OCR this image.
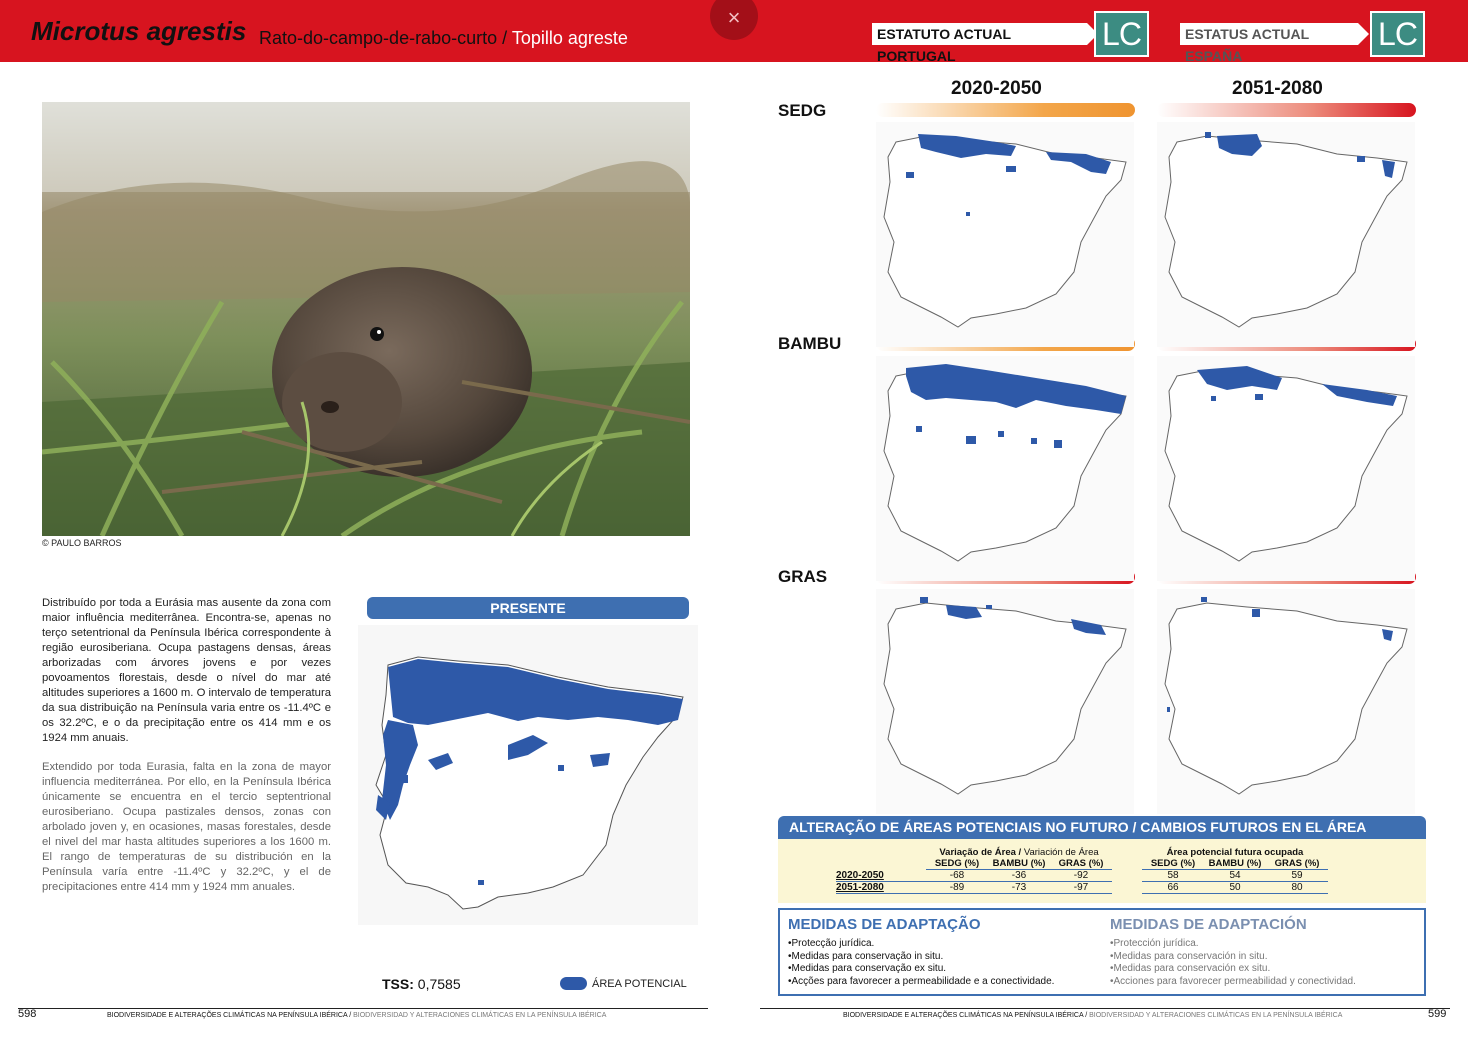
Microtus agrestis Rato-do-campo-de-rabo-curto / Topillo agreste
×
ESTATUTO ACTUAL PORTUGAL
LC	ESTATUS ACTUAL ESPAÑA
LC
© PAULO BARROS
Distribuído por toda a Eurásia mas ausente da zona com maior influência mediterrânea. Encontra-se, apenas no terço setentrional da Península Ibérica correspondente à região eurosiberiana. Ocupa pastagens densas, áreas arborizadas com árvores jovens e por vezes povoamentos florestais, desde o nível do mar até altitudes superiores a 1600 m. O intervalo de temperatura da sua distribuição na Península varia entre os -11.4ºC e os 32.2ºC, e o da precipitação entre os 414 mm e os 1924 mm anuais.
Extendido por toda Eurasia, falta en la zona de mayor influencia mediterránea. Por ello, en la Península Ibérica únicamente se encuentra en el tercio septentrional eurosiberiano. Ocupa pastizales densos, zonas con arbolado joven y, en ocasiones, masas forestales, desde el nivel del mar hasta altitudes superiores a los 1600 m. El rango de temperaturas de su distribución en la Península varía entre -11.4ºC y 32.2ºC, y el de precipitaciones entre 414 mm y 1924 mm anuales.
PRESENTE
TSS: 0,7585	ÁREA POTENCIAL
2020-2050	2051-2080
SEDG
BAMBU
GRAS
ALTERAÇÃO DE ÁREAS POTENCIAIS NO FUTURO / CAMBIOS FUTUROS EN EL ÁREA
	Variação de Área / Variación de Área				Área potencial futura ocupada		
	SEDG (%)	BAMBU (%)	GRAS (%)		SEDG (%)	BAMBU (%)	GRAS (%)
2020-2050	-68	-36	-92		58	54	59
2051-2080	-89	-73	-97		66	50	80
MEDIDAS DE ADAPTAÇÃO	MEDIDAS DE ADAPTACIÓN
•Protecção jurídica.
•Medidas para conservação in situ.
•Medidas para conservação ex situ.
•Acções para favorecer a permeabilidade e a conectividade.
•Protección jurídica.
•Medidas para conservación in situ.
•Medidas para conservación ex situ.
•Acciones para favorecer permeabilidad y conectividad.
598	599
BIODIVERSIDADE E ALTERAÇÕES CLIMÁTICAS NA PENÍNSULA IBÉRICA / BIODIVERSIDAD Y ALTERACIONES CLIMÁTICAS EN LA PENÍNSULA IBÉRICA	BIODIVERSIDADE E ALTERAÇÕES CLIMÁTICAS NA PENÍNSULA IBÉRICA / BIODIVERSIDAD Y ALTERACIONES CLIMÁTICAS EN LA PENÍNSULA IBÉRICA
